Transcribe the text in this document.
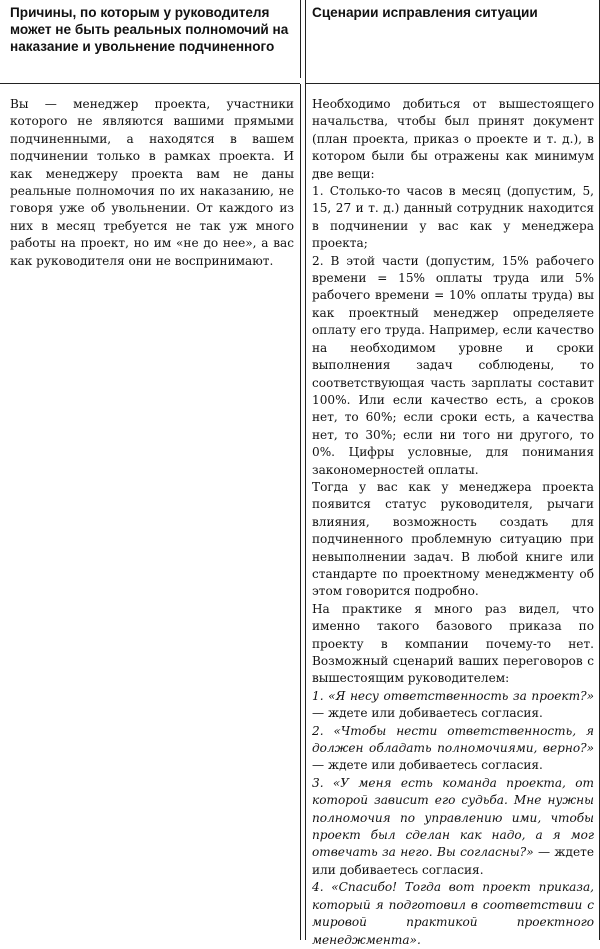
Причины, по которым у руководителя может не быть реальных полномочий на наказание и увольнение подчиненного
Сценарии исправления ситуации

Вы — менеджер проекта, участники которого не являются вашими прямыми подчиненными, а находятся в вашем подчинении только в рамках проекта. И как менеджеру проекта вам не даны реальные полномочия по их наказанию, не говоря уже об увольнении. От каждого из них в месяц требуется не так уж много работы на проект, но им «не до нее», а вас как руководителя они не воспринимают.

Необходимо добиться от вышестоящего начальства, чтобы был принят документ (план проекта, приказ о проекте и т. д.), в котором были бы отражены как минимум две вещи:

1. Столько-то часов в месяц (допустим, 5, 15, 27 и т. д.) данный сотрудник находится в подчинении у вас как у менеджера проекта;

2. В этой части (допустим, 15% рабочего времени = 15% оплаты труда или 5% рабочего времени = 10% оплаты труда) вы как проектный менеджер определяете оплату его труда. Например, если качество на необходимом уровне и сроки выполнения задач соблюдены, то соответствующая часть зарплаты составит 100%. Или если качество есть, а сроков нет, то 60%; если сроки есть, а качества нет, то 30%; если ни того ни другого, то 0%. Цифры условные, для понимания закономерностей оплаты.

Тогда у вас как у менеджера проекта появится статус руководителя, рычаги влияния, возможность создать для подчиненного проблемную ситуацию при невыполнении задач. В любой книге или стандарте по проектному менеджменту об этом говорится подробно.

На практике я много раз видел, что именно такого базового приказа по проекту в компании почему-то нет. Возможный сценарий ваших переговоров с вышестоящим руководителем:

1. «Я несу ответственность за проект?» — ждете или добиваетесь согласия.

2. «Чтобы нести ответственность, я должен обладать полномочиями, верно?» — ждете или добиваетесь согласия.

3. «У меня есть команда проекта, от которой зависит его судьба. Мне нужны полномочия по управлению ими, чтобы проект был сделан как надо, а я мог отвечать за него. Вы согласны?» — ждете или добиваетесь согласия.

4. «Спасибо! Тогда вот проект приказа, который я подготовил в соответствии с мировой практикой проектного менеджмента».
